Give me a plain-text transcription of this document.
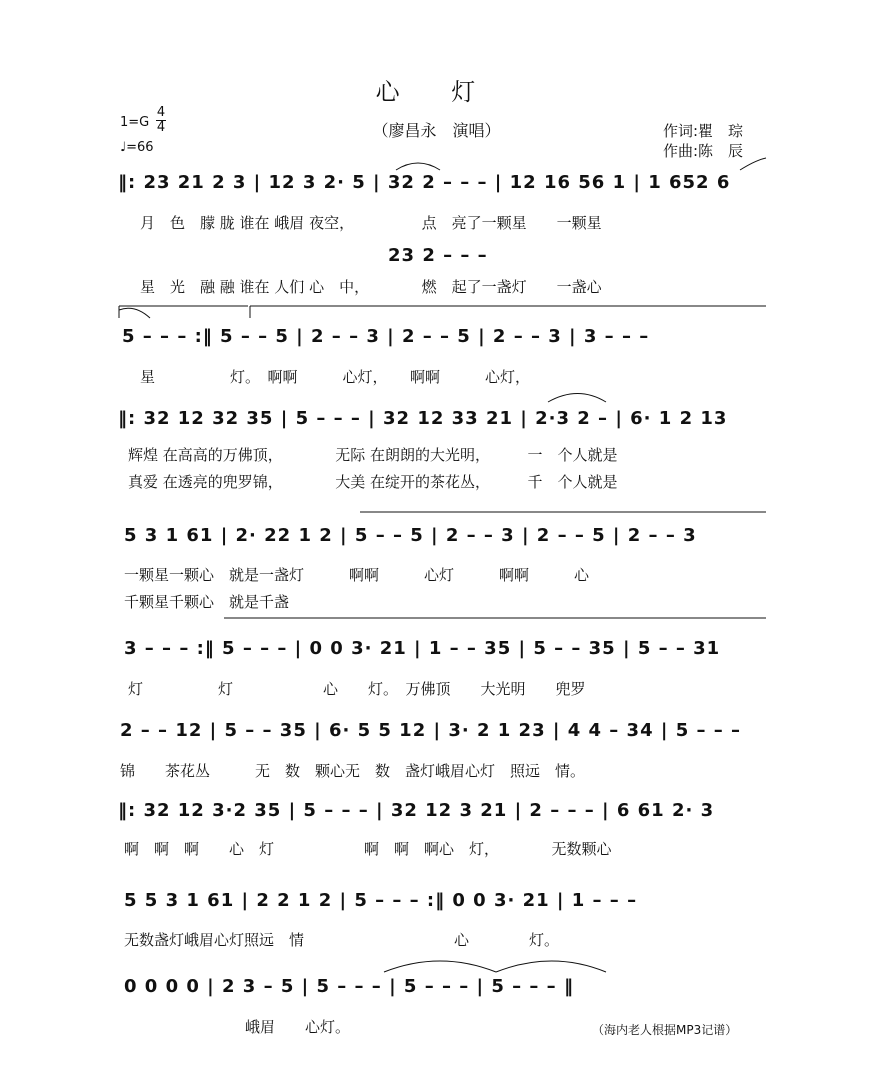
心 灯
（廖昌永　演唱）
1=G
4
4
♩=66
作词:瞿　琮
作曲:陈　辰
‖: 23 21 2 3 | 12 3 2· 5 | 32 2 – – – | 12 16 56 1 | 1 652 6
月　色　朦 胧 谁在 峨眉 夜空，　　　　　点　亮了一颗星　　一颗星
23 2 – – –
星　光　融 融 谁在 人们 心　中，　　　　燃　起了一盏灯　　一盏心
5 – – – :‖ 5 – – 5 | 2 – – 3 | 2 – – 5 | 2 – – 3 | 3 – – –
星　　　　　灯。　啊啊　　　心灯，　　啊啊　　　心灯，
‖: 32 12 32 35 | 5 – – – | 32 12 33 21 | 2·3 2 – | 6· 1 2 13
辉煌 在高高的万佛顶，　　　　无际 在朗朗的大光明，　　　一　个人就是
真爱 在透亮的兜罗锦，　　　　大美 在绽开的茶花丛，　　　千　个人就是
5 3 1 61 | 2· 22 1 2 | 5 – – 5 | 2 – – 3 | 2 – – 5 | 2 – – 3
一颗星一颗心　就是一盏灯　　　啊啊　　　心灯　　　啊啊　　　心
千颗星千颗心　就是千盏
3 – – – :‖ 5 – – – | 0 0 3· 21 | 1 – – 35 | 5 – – 35 | 5 – – 31
灯　　　　　灯　　　　　　心　　灯。　万佛顶　　大光明　　兜罗
2 – – 12 | 5 – – 35 | 6· 5 5 12 | 3· 2 1 23 | 4 4 – 34 | 5 – – –
锦　　茶花丛　　　无　数　颗心无　数　盏灯峨眉心灯　照远　情。
‖: 32 12 3·2 35 | 5 – – – | 32 12 3 21 | 2 – – – | 6 61 2· 3
啊　啊　啊　　心　灯　　　　　　啊　啊　啊心　灯，　　　　无数颗心
5 5 3 1 61 | 2 2 1 2 | 5 – – – :‖ 0 0 3· 21 | 1 – – –
无数盏灯峨眉心灯照远　情　　　　　　　　　　心　　　　灯。
0 0 0 0 | 2 3 – 5 | 5 – – – | 5 – – – | 5 – – – ‖
　　　　　　　峨眉　　心灯。	（海内老人根据MP3记谱）
